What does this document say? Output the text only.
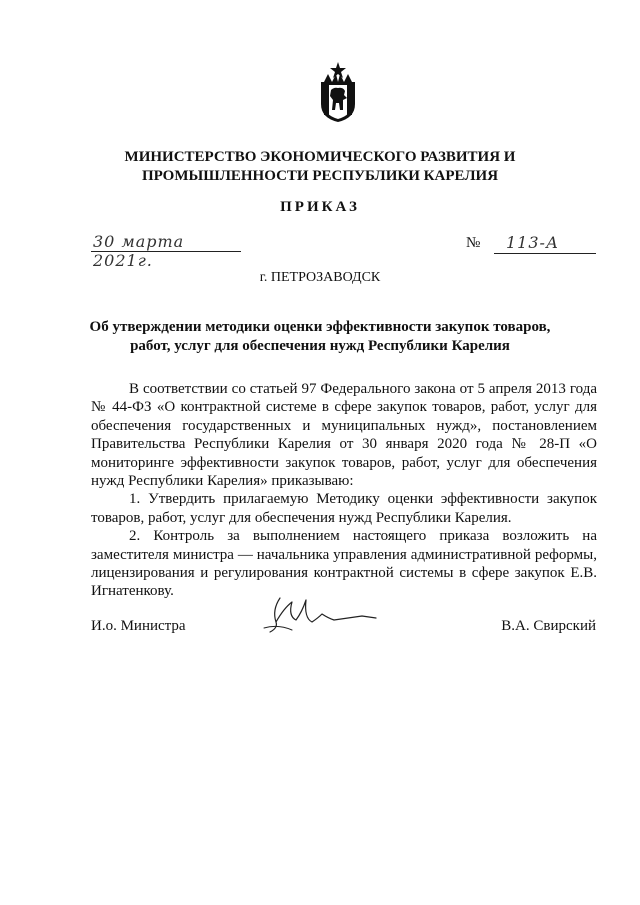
МИНИСТЕРСТВО ЭКОНОМИЧЕСКОГО РАЗВИТИЯ И
ПРОМЫШЛЕННОСТИ РЕСПУБЛИКИ КАРЕЛИЯ
ПРИКАЗ
30 марта 2021г.
№ 113-А
г. ПЕТРОЗАВОДСК
Об утверждении методики оценки эффективности закупок товаров,
работ, услуг для обеспечения нужд Республики Карелия

В соответствии со статьей 97 Федерального закона от 5 апреля 2013 года № 44-ФЗ «О контрактной системе в сфере закупок товаров, работ, услуг для обеспечения государственных и муниципальных нужд», постановлением Правительства Республики Карелия от 30 января 2020 года № 28-П «О мониторинге эффективности закупок товаров, работ, услуг для обеспечения нужд Республики Карелия» приказываю:

1. Утвердить прилагаемую Методику оценки эффективности закупок товаров, работ, услуг для обеспечения нужд Республики Карелия.

2. Контроль за выполнением настоящего приказа возложить на заместителя министра — начальника управления административной реформы, лицензирования и регулирования контрактной системы в сфере закупок Е.В. Игнатенкову.

И.о. Министра	В.А. Свирский
